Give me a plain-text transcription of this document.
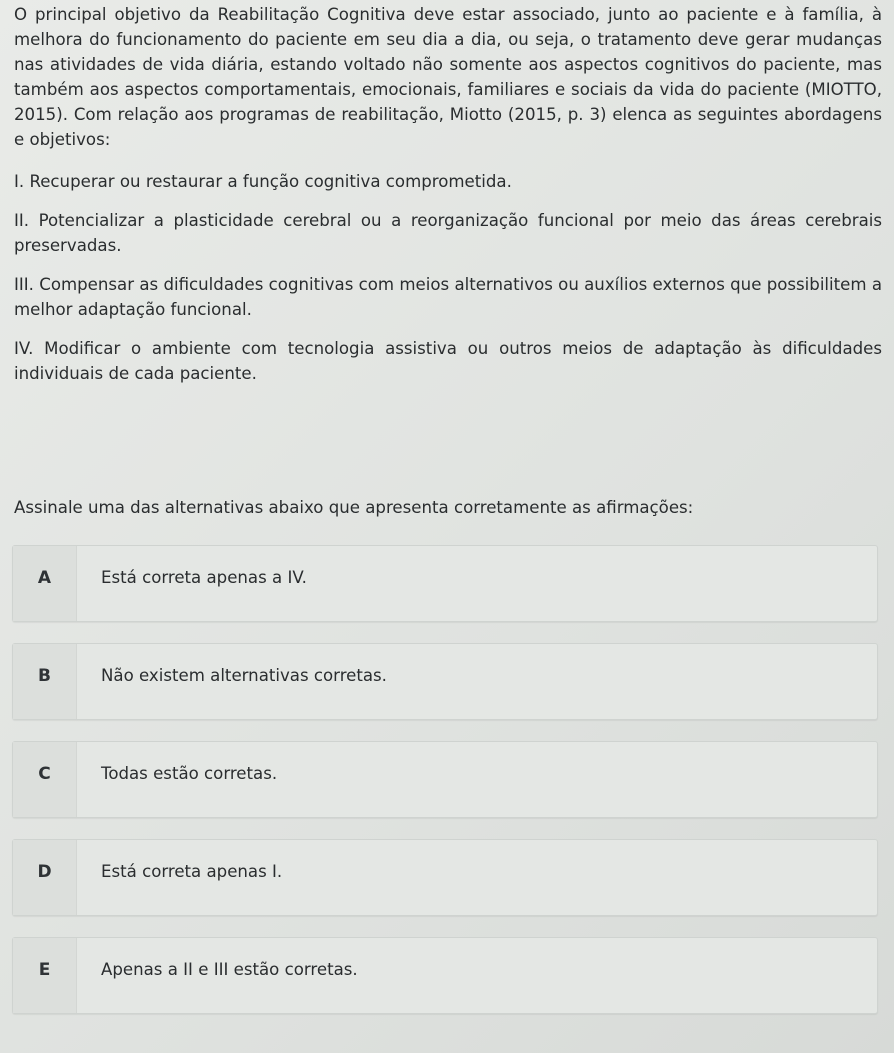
O principal objetivo da Reabilitação Cognitiva deve estar associado, junto ao paciente e à família, à melhora do funcionamento do paciente em seu dia a dia, ou seja, o tratamento deve gerar mudanças nas atividades de vida diária, estando voltado não somente aos aspectos cognitivos do paciente, mas também aos aspectos comportamentais, emocionais, familiares e sociais da vida do paciente (MIOTTO, 2015). Com relação aos programas de reabilitação, Miotto (2015, p. 3) elenca as seguintes abordagens e objetivos:

I. Recuperar ou restaurar a função cognitiva comprometida.

II. Potencializar a plasticidade cerebral ou a reorganização funcional por meio das áreas cerebrais preservadas.

III. Compensar as dificuldades cognitivas com meios alternativos ou auxílios externos que possibilitem a melhor adaptação funcional.

IV. Modificar o ambiente com tecnologia assistiva ou outros meios de adaptação às dificuldades individuais de cada paciente.

Assinale uma das alternativas abaixo que apresenta corretamente as afirmações:

A	Está correta apenas a IV.
B	Não existem alternativas corretas.
C	Todas estão corretas.
D	Está correta apenas I.
E	Apenas a II e III estão corretas.
